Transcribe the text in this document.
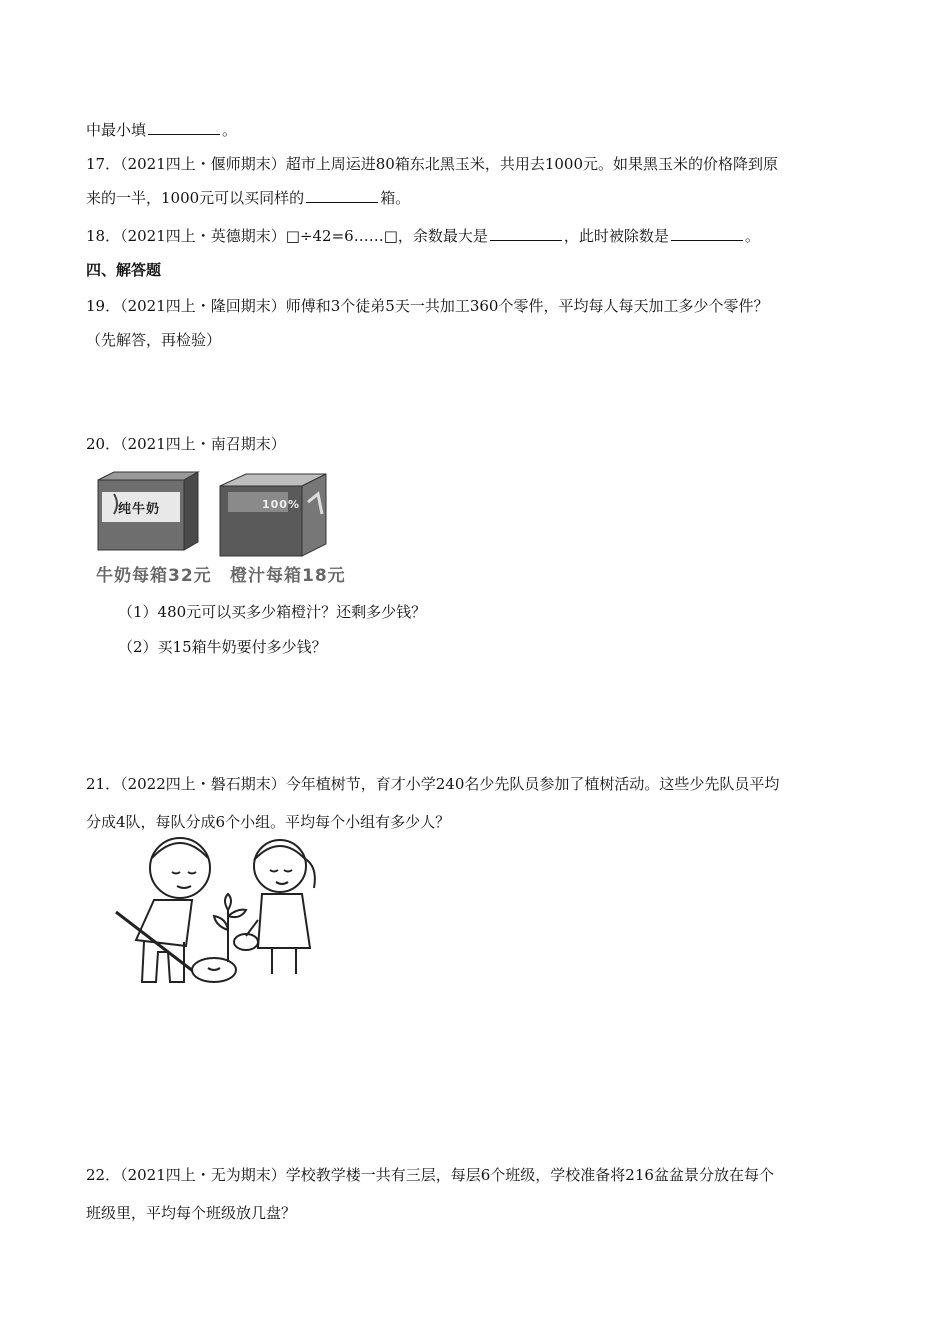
中最小填	。
17．（2021四上・偃师期末）超市上周运进80箱东北黑玉米，共用去1000元。如果黑玉米的价格降到原
来的一半，1000元可以买同样的	箱。
18．（2021四上・英德期末）□÷42=6……□，余数最大是	，此时被除数是	。
四、解答题
19．（2021四上・隆回期末）师傅和3个徒弟5天一共加工360个零件，平均每人每天加工多少个零件？
（先解答，再检验）
20．（2021四上・南召期末）
纯牛奶	100%
牛奶每箱32元 橙汁每箱18元
（1）480元可以买多少箱橙汁？还剩多少钱？
（2）买15箱牛奶要付多少钱？
21．（2022四上・磐石期末）今年植树节，育才小学240名少先队员参加了植树活动。这些少先队员平均
分成4队，每队分成6个小组。平均每个小组有多少人？
22．（2021四上・无为期末）学校教学楼一共有三层，每层6个班级，学校准备将216盆盆景分放在每个
班级里，平均每个班级放几盘？
